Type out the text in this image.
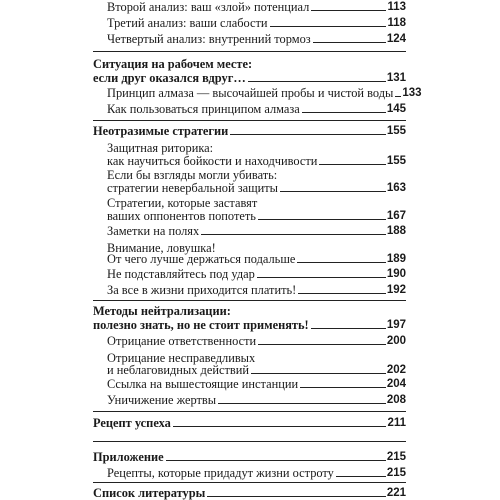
Второй анализ: ваш «злой» потенциал	113
Третий анализ: ваши слабости	118
Четвертый анализ: внутренний тормоз	124
Ситуация на рабочем месте:
если друг оказался вдруг…	131
Принцип алмаза — высочайшей пробы и чистой воды 133
Как пользоваться принципом алмаза	145
Неотразимые стратегии	155
Защитная риторика:
как научиться бойкости и находчивости	155
Если бы взгляды могли убивать:
стратегии невербальной защиты	163
Стратегии, которые заставят
ваших оппонентов попотеть	167
Заметки на полях	188
Внимание, ловушка!
От чего лучше держаться подальше	189
Не подставляйтесь под удар	190
За все в жизни приходится платить!	192
Методы нейтрализации:
полезно знать, но не стоит применять!	197
Отрицание ответственности	200
Отрицание несправедливых
и неблаговидных действий	202
Ссылка на вышестоящие инстанции	204
Уничижение жертвы	208
Рецепт успеха	211
Приложение	215
Рецепты, которые придадут жизни остроту	215
Список литературы	221
